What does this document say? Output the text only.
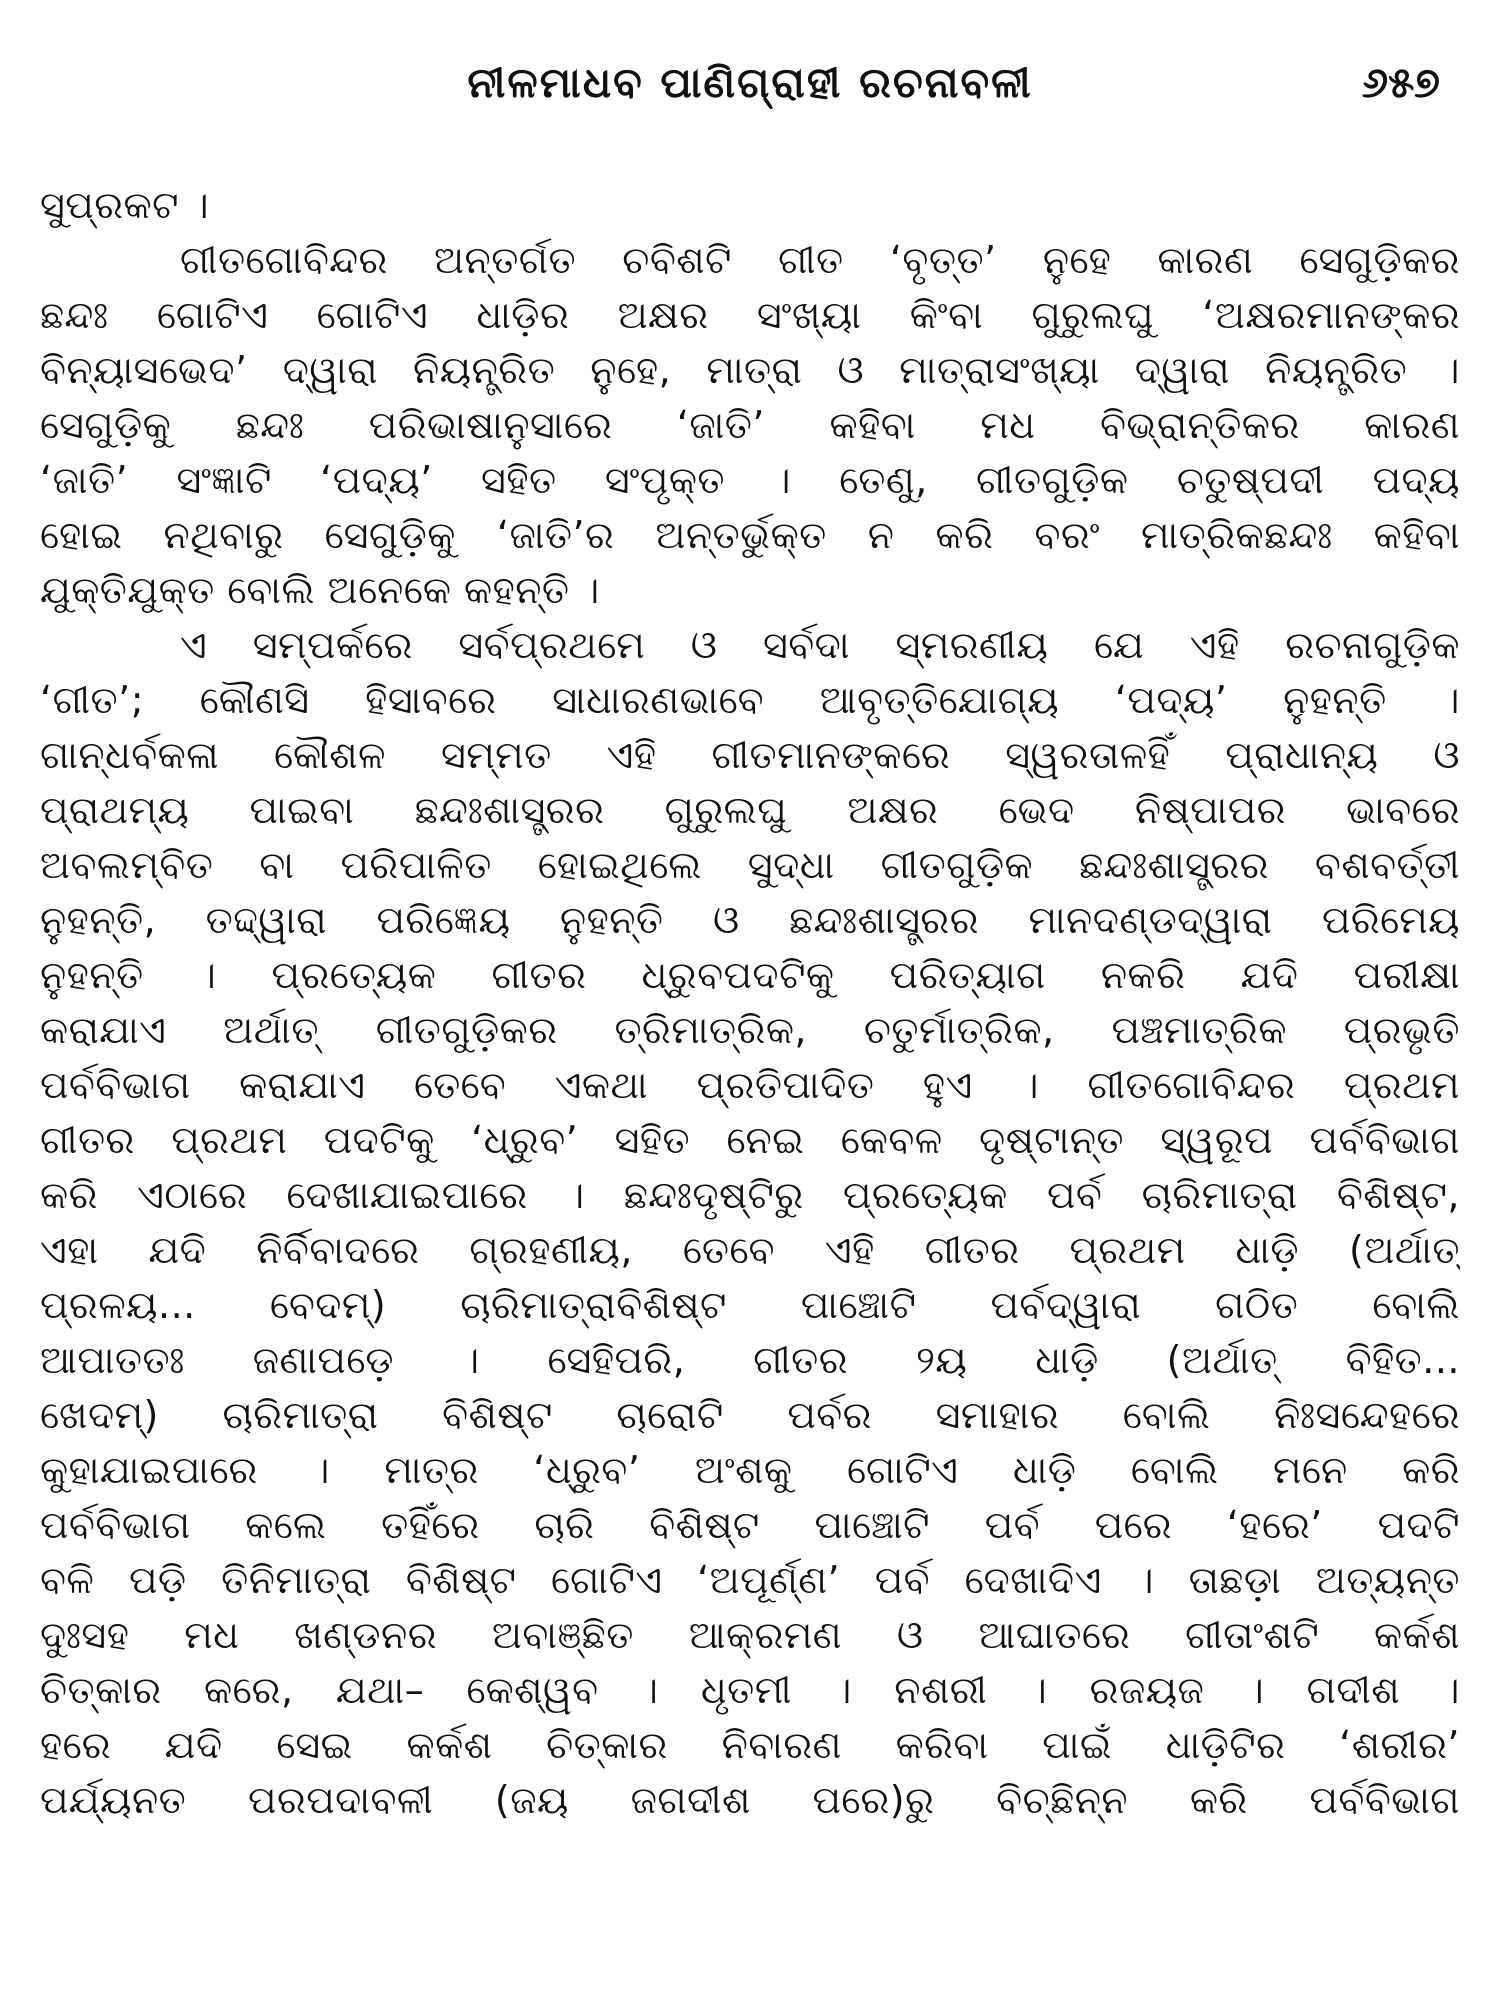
ନୀଳମାଧବ ପାଣିଗ୍ରାହୀ ରଚନାବଳୀ	୬୫୭
ସୁପ୍ରକଟ ।
ଗୀତଗୋବିନ୍ଦର ଅନ୍ତର୍ଗତ ଚବିଶଟି ଗୀତ ‘ବୃତ୍ତ’ ନୁହେ କାରଣ ସେଗୁଡ଼ିକର
ଛନ୍ଦଃ ଗୋଟିଏ ଗୋଟିଏ ଧାଡ଼ିର ଅକ୍ଷର ସଂଖ୍ୟା କିଂବା ଗୁରୁଲଘୁ ‘ଅକ୍ଷରମାନଙ୍କର
ବିନ୍ୟାସଭେଦ’ ଦ୍ୱାରା ନିୟନ୍ତ୍ରିତ ନୁହେ, ମାତ୍ରା ଓ ମାତ୍ରାସଂଖ୍ୟା ଦ୍ୱାରା ନିୟନ୍ତ୍ରିତ ।
ସେଗୁଡ଼ିକୁ ଛନ୍ଦଃ ପରିଭାଷାନୁସାରେ ‘ଜାତି’ କହିବା ମଧ ବିଭ୍ରାନ୍ତିକର କାରଣ
‘ଜାତି’ ସଂଜ୍ଞାଟି ‘ପଦ୍ୟ’ ସହିତ ସଂପୃକ୍ତ । ତେଣୁ, ଗୀତଗୁଡ଼ିକ ଚତୁଷ୍ପଦୀ ପଦ୍ୟ
ହୋଇ ନଥିବାରୁ ସେଗୁଡ଼ିକୁ ‘ଜାତି’ର ଅନ୍ତର୍ଭୁକ୍ତ ନ କରି ବରଂ ମାତ୍ରିକଛନ୍ଦଃ କହିବା
ଯୁକ୍ତିଯୁକ୍ତ ବୋଲି ଅନେକେ କହନ୍ତି ।
ଏ ସମ୍ପର୍କରେ ସର୍ବପ୍ରଥମେ ଓ ସର୍ବଦା ସ୍ମରଣୀୟ ଯେ ଏହି ରଚନାଗୁଡ଼ିକ
‘ଗୀତ’; କୌଣସି ହିସାବରେ ସାଧାରଣଭାବେ ଆବୃତ୍ତିଯୋଗ୍ୟ ‘ପଦ୍ୟ’ ନୁହନ୍ତି ।
ଗାନ୍ଧର୍ବକଳା କୌଶଳ ସମ୍ମତ ଏହି ଗୀତମାନଙ୍କରେ ସ୍ୱରତାଳହିଁ ପ୍ରାଧାନ୍ୟ ଓ
ପ୍ରାଥମ୍ୟ ପାଇବା ଛନ୍ଦଃଶାସ୍ତ୍ରର ଗୁରୁଲଘୁ ଅକ୍ଷର ଭେଦ ନିଷ୍ପାପର ଭାବରେ
ଅବଲମ୍ବିତ ବା ପରିପାଳିତ ହୋଇଥିଲେ ସୁଦ୍ଧା ଗୀତଗୁଡ଼ିକ ଛନ୍ଦଃଶାସ୍ତ୍ରର ବଶବର୍ତ୍ତୀ
ନୁହନ୍ତି, ତଦ୍ଦ୍ୱାରା ପରିଜ୍ଞେୟ ନୁହନ୍ତି ଓ ଛନ୍ଦଃଶାସ୍ତ୍ରର ମାନଦଣ୍ଡଦ୍ୱାରା ପରିମେୟ
ନୁହନ୍ତି । ପ୍ରତ୍ୟେକ ଗୀତର ଧ୍ରୁବପଦଟିକୁ ପରିତ୍ୟାଗ ନକରି ଯଦି ପରୀକ୍ଷା
କରାଯାଏ ଅର୍ଥାତ୍ ଗୀତଗୁଡ଼ିକର ତ୍ରିମାତ୍ରିକ, ଚତୁର୍ମାତ୍ରିକ, ପଞ୍ଚମାତ୍ରିକ ପ୍ରଭୃତି
ପର୍ବବିଭାଗ କରାଯାଏ ତେବେ ଏକଥା ପ୍ରତିପାଦିତ ହୁଏ । ଗୀତଗୋବିନ୍ଦର ପ୍ରଥମ
ଗୀତର ପ୍ରଥମ ପଦଟିକୁ ‘ଧ୍ରୁବ’ ସହିତ ନେଇ କେବଳ ଦୃଷ୍ଟାନ୍ତ ସ୍ୱରୂପ ପର୍ବବିଭାଗ
କରି ଏଠାରେ ଦେଖାଯାଇପାରେ । ଛନ୍ଦଃଦୃଷ୍ଟିରୁ ପ୍ରତ୍ୟେକ ପର୍ବ ଚାରିମାତ୍ରା ବିଶିଷ୍ଟ,
ଏହା ଯଦି ନିର୍ବିବାଦରେ ଗ୍ରହଣୀୟ, ତେବେ ଏହି ଗୀତର ପ୍ରଥମ ଧାଡ଼ି (ଅର୍ଥାତ୍
ପ୍ରଳୟ... ବେଦମ୍) ଚାରିମାତ୍ରାବିଶିଷ୍ଟ ପାଞ୍ଚୋଟି ପର୍ବଦ୍ୱାରା ଗଠିତ ବୋଲି
ଆପାତତଃ ଜଣାପଡ଼େ । ସେହିପରି, ଗୀତର ୨ୟ ଧାଡ଼ି (ଅର୍ଥାତ୍ ବିହିତ...
ଖେଦମ୍) ଚାରିମାତ୍ରା ବିଶିଷ୍ଟ ଚାରୋଟି ପର୍ବର ସମାହାର ବୋଲି ନିଃସନ୍ଦେହରେ
କୁହାଯାଇପାରେ । ମାତ୍ର ‘ଧ୍ରୁବ’ ଅଂଶକୁ ଗୋଟିଏ ଧାଡ଼ି ବୋଲି ମନେ କରି
ପର୍ବବିଭାଗ କଲେ ତହିଁରେ ଚାରି ବିଶିଷ୍ଟ ପାଞ୍ଚୋଟି ପର୍ବ ପରେ ‘ହରେ’ ପଦଟି
ବଳି ପଡ଼ି ତିନିମାତ୍ରା ବିଶିଷ୍ଟ ଗୋଟିଏ ‘ଅପୂର୍ଣ୍ଣ’ ପର୍ବ ଦେଖାଦିଏ । ତାଛଡ଼ା ଅତ୍ୟନ୍ତ
ଦୁଃସହ ମଧ ଖଣ୍ଡନର ଅବାଞ୍ଛିତ ଆକ୍ରମଣ ଓ ଆଘାତରେ ଗୀତାଂଶଟି କର୍କଶ
ଚିତ୍କାର କରେ, ଯଥା– କେଶ୍ୱବ । ଧୃତମୀ । ନଶରୀ । ରଜୟଜ । ଗଦୀଶ ।
ହରେ ଯଦି ସେଇ କର୍କଶ ଚିତ୍କାର ନିବାରଣ କରିବା ପାଇଁ ଧାଡ଼ିଟିର ‘ଶରୀର’
ପର୍ଯ୍ୟନତ ପରପଦାବଳୀ (ଜୟ ଜଗଦୀଶ ପରେ)ରୁ ବିଚ୍ଛିନ୍ନ କରି ପର୍ବବିଭାଗ
